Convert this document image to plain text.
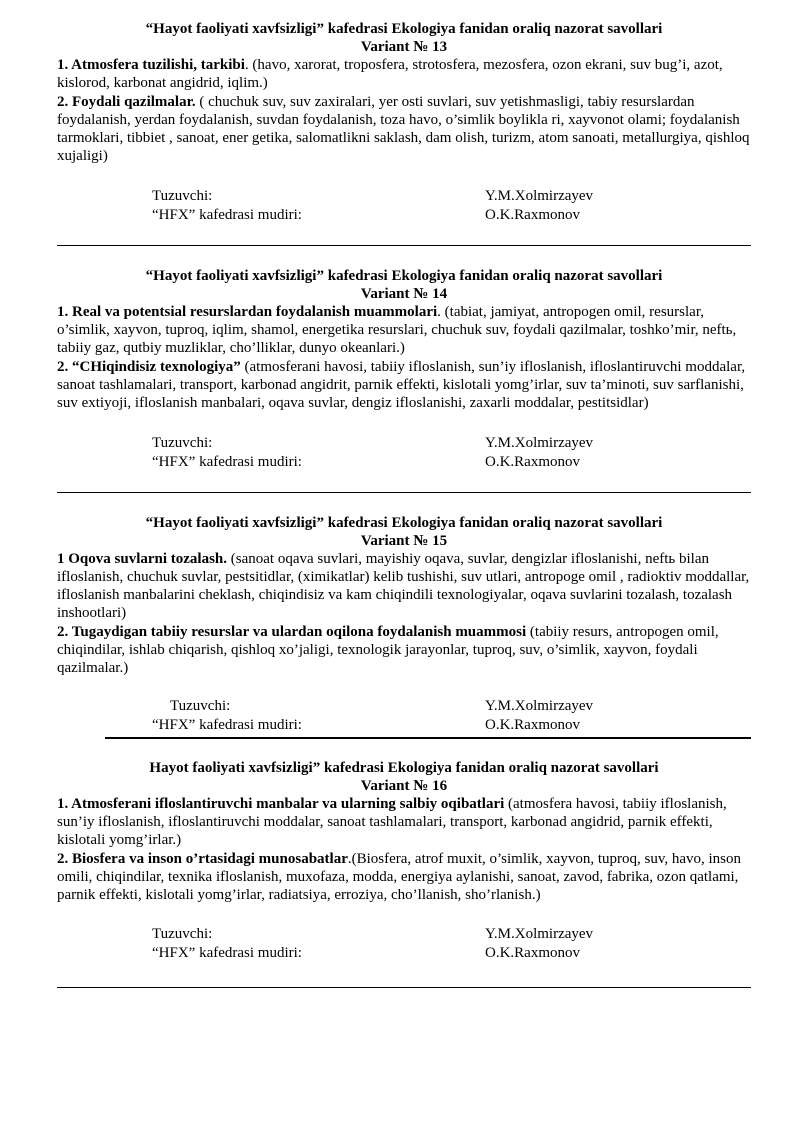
“Hayot faoliyati xavfsizligi” kafedrasi Ekologiya fanidan oraliq nazorat savollari

Variant № 13

1. Atmosfera tuzilishi, tarkibi. (havo, xarorat, troposfera, strotosfera, mezosfera, ozon ekrani, suv bug’i, azot, kislorod, karbonat angidrid, iqlim.)

2. Foydali qazilmalar. ( chuchuk suv, suv zaxiralari, yer osti suvlari, suv yetishmasligi, tabiy resurslardan foydalanish, yerdan foydalanish, suvdan foydalanish, toza havo, o’simlik boylikla ri, xayvonot olami; foydalanish tarmoklari, tibbiet , sanoat, ener getika, salomatlikni saklash, dam olish, turizm, atom sanoati, metallurgiya, qishloq xujaligi)

Tuzuvchi:
“HFX” kafedrasi mudiri:
Y.M.Xolmirzayev
O.K.Raxmonov

“Hayot faoliyati xavfsizligi” kafedrasi Ekologiya fanidan oraliq nazorat savollari

Variant № 14

1. Real va potentsial resurslardan foydalanish muammolari. (tabiat, jamiyat, antropogen omil, resurslar, o’simlik, xayvon, tuproq, iqlim, shamol, energetika resurslari, chuchuk suv, foydali qazilmalar, toshko’mir, neftь, tabiiy gaz, qutbiy muzliklar, cho’lliklar, dunyo okeanlari.)

2. “CHiqindisiz texnologiya” (atmosferani havosi, tabiiy ifloslanish, sun’iy ifloslanish, ifloslantiruvchi moddalar, sanoat tashlamalari, transport, karbonad angidrit, parnik effekti, kislotali yomg’irlar, suv ta’minoti, suv sarflanishi, suv extiyoji, ifloslanish manbalari, oqava suvlar, dengiz ifloslanishi, zaxarli moddalar, pestitsidlar)

Tuzuvchi:
“HFX” kafedrasi mudiri:
Y.M.Xolmirzayev
O.K.Raxmonov

“Hayot faoliyati xavfsizligi” kafedrasi Ekologiya fanidan oraliq nazorat savollari

Variant № 15

1 Oqova suvlarni tozalash. (sanoat oqava suvlari, mayishiy oqava, suvlar, dengizlar ifloslanishi, neftь bilan ifloslanish, chuchuk suvlar, pestsitidlar, (ximikatlar) kelib tushishi, suv utlari, antropoge omil , radioktiv moddallar, ifloslanish manbalarini cheklash, chiqindisiz va kam chiqindili texnologiyalar, oqava suvlarini tozalash, tozalash inshootlari)

2. Tugaydigan tabiiy resurslar va ulardan oqilona foydalanish muammosi (tabiiy resurs, antropogen omil, chiqindilar, ishlab chiqarish, qishloq xo’jaligi, texnologik jarayonlar, tuproq, suv, o’simlik, xayvon, foydali qazilmalar.)

Tuzuvchi:
“HFX” kafedrasi mudiri:
Y.M.Xolmirzayev
O.K.Raxmonov

Hayot faoliyati xavfsizligi” kafedrasi Ekologiya fanidan oraliq nazorat savollari

Variant № 16

1. Atmosferani ifloslantiruvchi manbalar va ularning salbiy oqibatlari (atmosfera havosi, tabiiy ifloslanish, sun’iy ifloslanish, ifloslantiruvchi moddalar, sanoat tashlamalari, transport, karbonad angidrid, parnik effekti, kislotali yomg’irlar.)

2. Biosfera va inson o’rtasidagi munosabatlar.(Biosfera, atrof muxit, o’simlik, xayvon, tuproq, suv, havo, inson omili, chiqindilar, texnika ifloslanish, muxofaza, modda, energiya aylanishi, sanoat, zavod, fabrika, ozon qatlami, parnik effekti, kislotali yomg’irlar, radiatsiya, erroziya, cho’llanish, sho’rlanish.)

Tuzuvchi:
“HFX” kafedrasi mudiri:
Y.M.Xolmirzayev
O.K.Raxmonov
